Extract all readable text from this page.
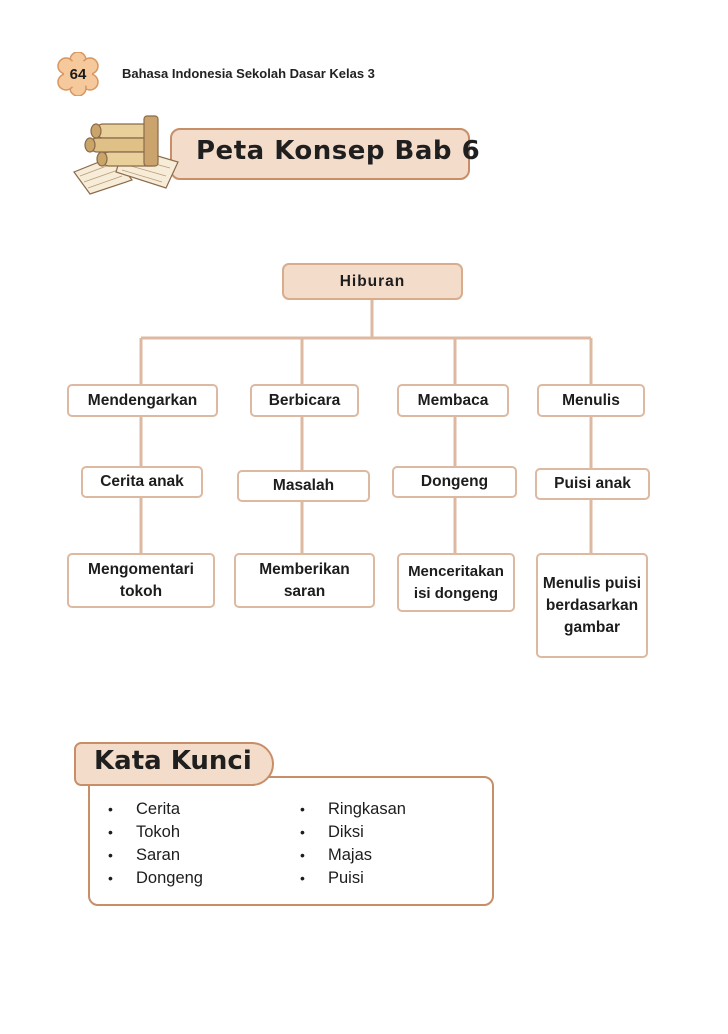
64	Bahasa Indonesia Sekolah Dasar Kelas 3
Peta Konsep Bab 6
Hiburan
Mendengarkan	Berbicara	Membaca	Menulis
Cerita anak	Masalah	Dongeng	Puisi anak
Mengomentari tokoh
Memberikan saran
Menceritakan isi dongeng
Menulis puisi berdasarkan gambar
• Cerita
• Tokoh
• Saran
• Dongeng
• Ringkasan
• Diksi
• Majas
• Puisi
Kata Kunci
